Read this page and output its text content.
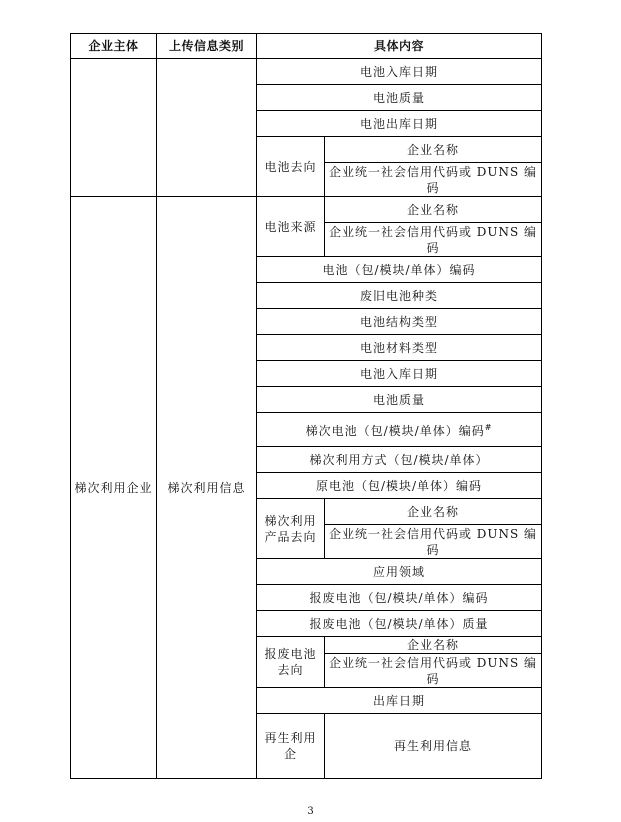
企业主体	上传信息类别	具体内容		
		电池入库日期		
		电池质量		
		电池出库日期		
		电池去向	企业名称	
			企业统一社会信用代码或 DUNS 编码	
梯次利用企业	梯次利用信息	电池来源	企业名称	
			企业统一社会信用代码或 DUNS 编码	
		电池（包/模块/单体）编码		
		废旧电池种类		
		电池结构类型		
		电池材料类型		
		电池入库日期		
		电池质量		
		梯次电池（包/模块/单体）编码#
		梯次利用方式（包/模块/单体）		
		原电池（包/模块/单体）编码		
		梯次利用产品去向	企业名称	
			企业统一社会信用代码或 DUNS 编码	
		应用领域		
		报废电池（包/模块/单体）编码		
		报废电池（包/模块/单体）质量		
		报废电池去向	企业名称	
			企业统一社会信用代码或 DUNS 编码	
		出库日期		
		再生利用企	再生利用信息		
3
